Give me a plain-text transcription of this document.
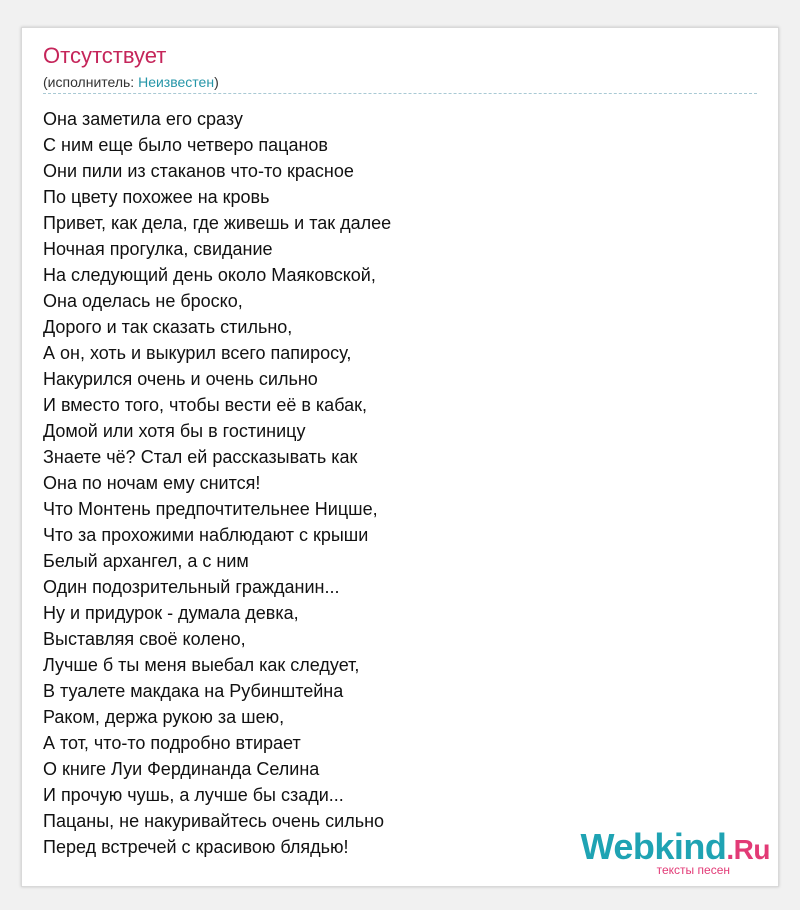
Отсутствует
(исполнитель: Неизвестен)
Она заметила его сразу
С ним еще было четверо пацанов
Они пили из стаканов что-то красное
По цвету похожее на кровь
Привет, как дела, где живешь и так далее
Ночная прогулка, свидание
На следующий день около Маяковской,
Она оделась не броско,
Дорого и так сказать стильно,
А он, хоть и выкурил всего папиросу,
Накурился очень и очень сильно
И вместо того, чтобы вести её в кабак,
Домой или хотя бы в гостиницу
Знаете чё? Стал ей рассказывать как
Она по ночам ему снится!
Что Монтень предпочтительнее Ницше,
Что за прохожими наблюдают с крыши
Белый архангел, а с ним
Один подозрительный гражданин...
Ну и придурок - думала девка,
Выставляя своё колено,
Лучше б ты меня выебал как следует,
В туалете макдака на Рубинштейна
Раком, держа рукою за шею,
А тот, что-то подробно втирает
О книге Луи Фердинанда Селина
И прочую чушь, а лучше бы сзади...
Пацаны, не накуривайтесь очень сильно
Перед встречей с красивою блядью!	Webkind.Ru
тексты песен
